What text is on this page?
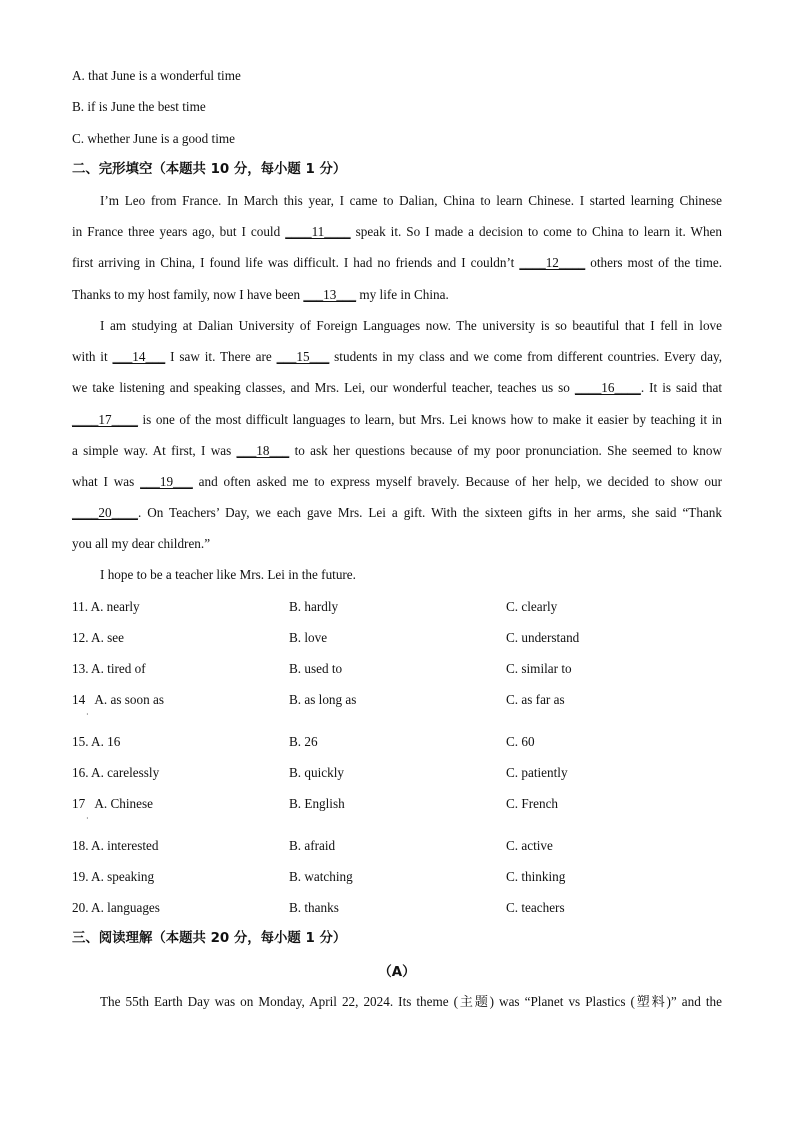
A. that June is a wonderful time
B. if is June the best time
C. whether June is a good time
二、完形填空（本题共 10 分，每小题 1 分）
I’m Leo from France. In March this year, I came to Dalian, China to learn Chinese. I started learning Chinese
in France three years ago, but I could ____11____ speak it. So I made a decision to come to China to learn it. When
first arriving in China, I found life was difficult. I had no friends and I couldn’t ____12____ others most of the time.
Thanks to my host family, now I have been ___13___ my life in China.
I am studying at Dalian University of Foreign Languages now. The university is so beautiful that I fell in love
with it ___14___ I saw it. There are ___15___ students in my class and we come from different countries. Every day,
we take listening and speaking classes, and Mrs. Lei, our wonderful teacher, teaches us so ____16____. It is said that
____17____ is one of the most difficult languages to learn, but Mrs. Lei knows how to make it easier by teaching it in
a simple way. At first, I was ___18___ to ask her questions because of my poor pronunciation. She seemed to know
what I was ___19___ and often asked me to express myself bravely. Because of her help, we decided to show our
____20____. On Teachers’ Day, we each gave Mrs. Lei a gift. With the sixteen gifts in her arms, she said “Thank
you all my dear children.”
I hope to be a teacher like Mrs. Lei in the future.
11. A. nearly	B. hardly	C. clearly
12. A. see	B. love	C. understand
13. A. tired of	B. used to	C. similar to
14   A. as soon as	B. as long as	C. as far as
·
15. A. 16	B. 26	C. 60
16. A. carelessly	B. quickly	C. patiently
17   A. Chinese	B. English	C. French
·
18. A. interested	B. afraid	C. active
19. A. speaking	B. watching	C. thinking
20. A. languages	B. thanks	C. teachers
三、阅读理解（本题共 20 分，每小题 1 分）
（A）
The 55th Earth Day was on Monday, April 22, 2024. Its theme (主题) was “Planet vs Plastics (塑料)” and the
